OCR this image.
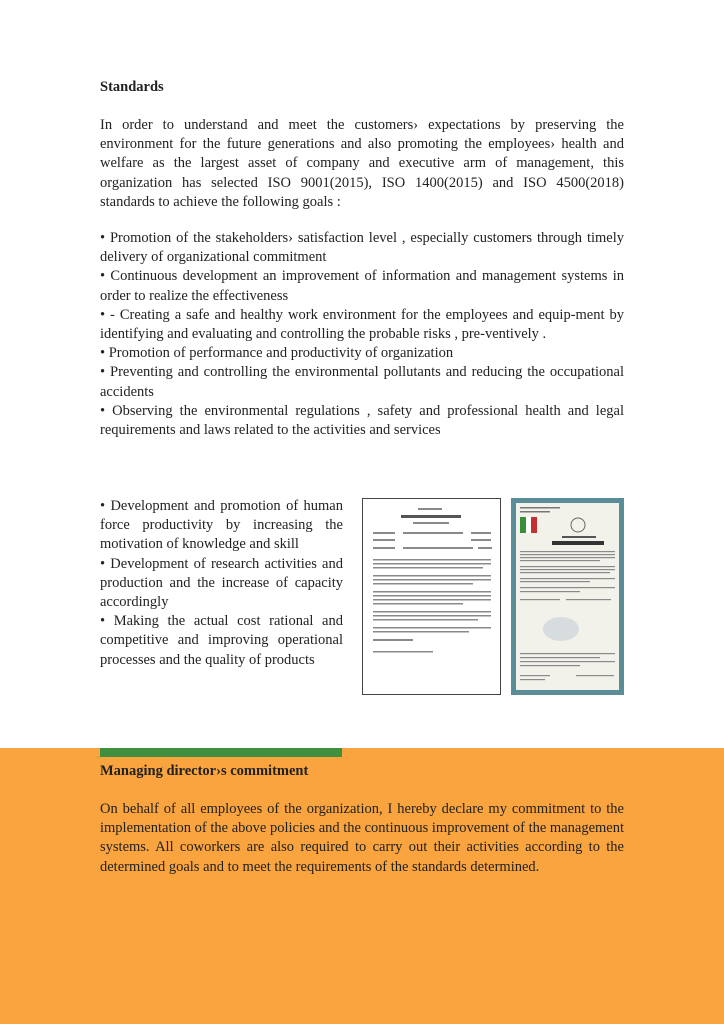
Standards

In order to understand and meet the customers› expectations by preserving the environment for the future generations and also promoting the employees› health and welfare as the largest asset of company and executive arm of management, this organization has selected ISO 9001(2015), ISO 1400(2015) and ISO 4500(2018) standards to achieve the following goals :

• Promotion of the stakeholders› satisfaction level , especially customers through timely delivery of organizational commitment
• Continuous development an improvement of information and management systems in order to realize the effectiveness
• - Creating a safe and healthy work environment for the employees and equip-ment by identifying and evaluating and controlling the probable risks , pre-ventively .
• Promotion of performance and productivity of organization
• Preventing and controlling the environmental pollutants and reducing the occupational accidents
• Observing the environmental regulations , safety and professional health and legal requirements and laws related to the activities and services
• Development and promotion of human force productivity by increasing the motivation of knowledge and skill
• Development of research activities and production and the increase of capacity accordingly
• Making the actual cost rational and competitive and improving operational processes and the quality of products
Managing director›s commitment

On behalf of all employees of the organization, I hereby declare my commitment to the implementation of the above policies and the continuous improvement of the management systems. All coworkers are also required to carry out their activities according to the determined goals and to meet the requirements of the standards determined.
